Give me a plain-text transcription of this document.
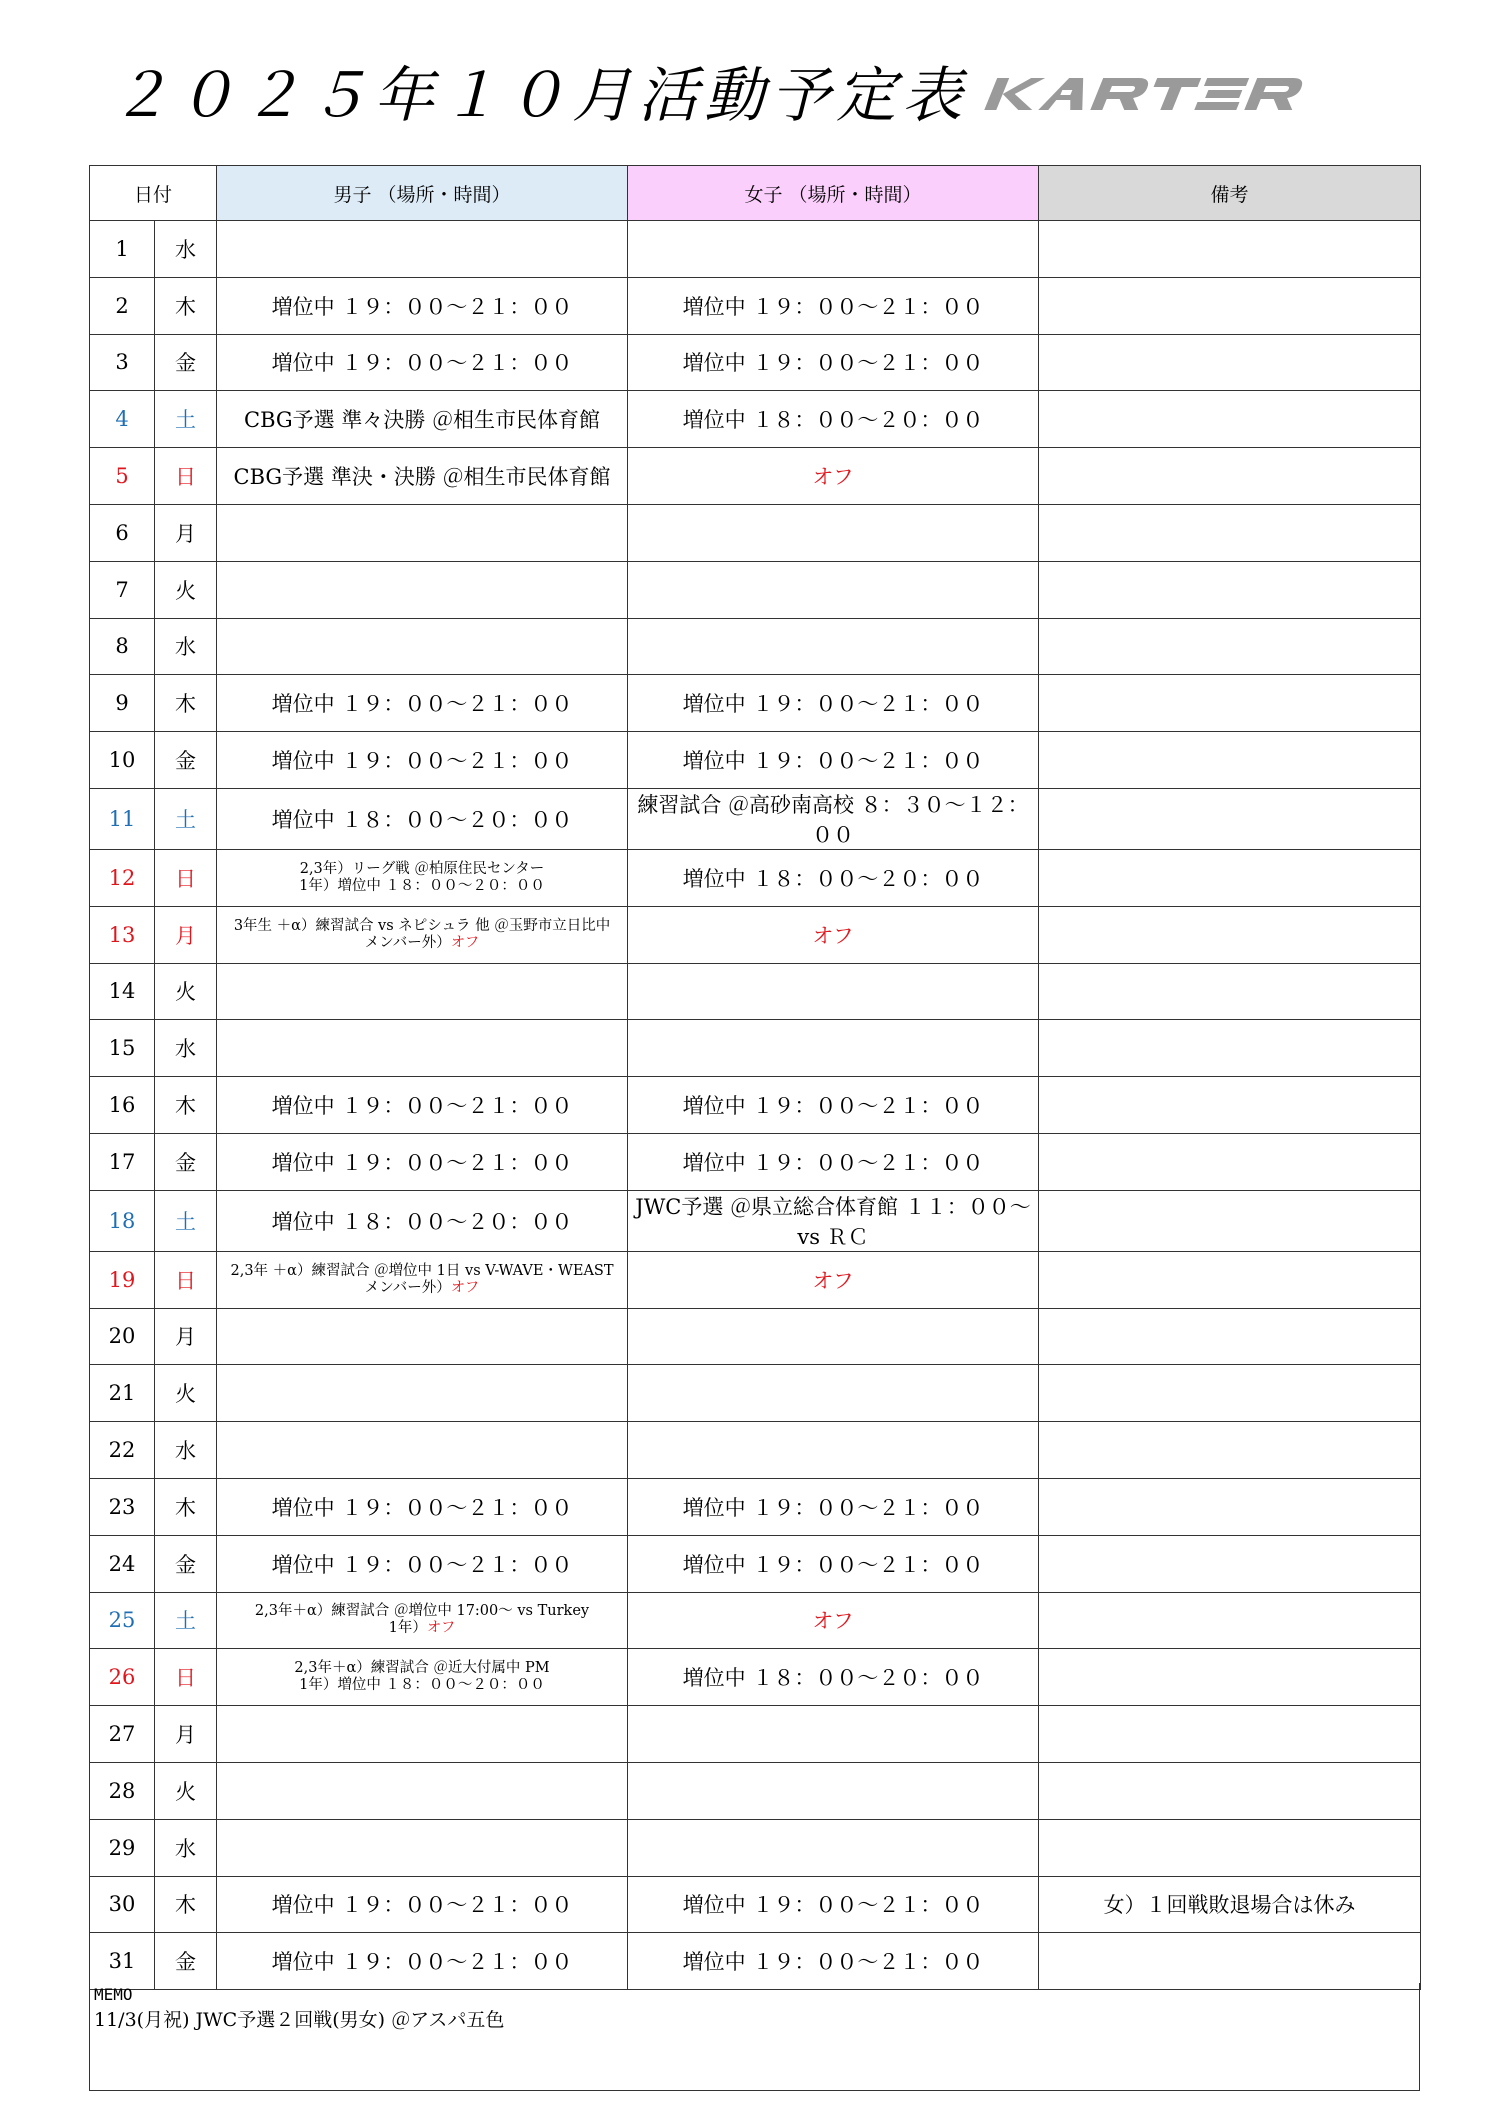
２０２５年１０月活動予定表	KARTER
日付		男子 （場所・時間）	女子 （場所・時間）	備考
1	水			
2	木	増位中 １９：００～２１：００	増位中 １９：００～２１：００	
3	金	増位中 １９：００～２１：００	増位中 １９：００～２１：００	
4	土	CBG予選 準々決勝 ＠相生市民体育館	増位中 １８：００～２０：００	
5	日	CBG予選 準決・決勝 ＠相生市民体育館	オフ	
6	月			
7	火			
8	水			
9	木	増位中 １９：００～２１：００	増位中 １９：００～２１：００	
10	金	増位中 １９：００～２１：００	増位中 １９：００～２１：００	
11	土	増位中 １８：００～２０：００	練習試合 ＠高砂南高校 ８：３０～１２：００	
12	日	2,3年）リーグ戦 ＠柏原住民センター
1年）増位中 １８：００～２０：００	増位中 １８：００～２０：００	
13	月	3年生 ＋α）練習試合 vs ネピシュラ 他 ＠玉野市立日比中
メンバー外）オフ	オフ	
14	火			
15	水			
16	木	増位中 １９：００～２１：００	増位中 １９：００～２１：００	
17	金	増位中 １９：００～２１：００	増位中 １９：００～２１：００	
18	土	増位中 １８：００～２０：００	JWC予選 ＠県立総合体育館 １１：００～ vs ＲＣ	
19	日	2,3年 ＋α）練習試合 ＠増位中 1日 vs V-WAVE・WEAST
メンバー外）オフ	オフ	
20	月			
21	火			
22	水			
23	木	増位中 １９：００～２１：００	増位中 １９：００～２１：００	
24	金	増位中 １９：００～２１：００	増位中 １９：００～２１：００	
25	土	2,3年＋α）練習試合 ＠増位中 17:00～ vs Turkey
1年）オフ	オフ	
26	日	2,3年＋α）練習試合 ＠近大付属中 PM
1年）増位中 １８：００～２０：００	増位中 １８：００～２０：００	
27	月			
28	火			
29	水			
30	木	増位中 １９：００～２１：００	増位中 １９：００～２１：００	女）１回戦敗退場合は休み
31	金	増位中 １９：００～２１：００	増位中 １９：００～２１：００	
MEMO
11/3(月祝) JWC予選２回戦(男女) ＠アスパ五色
